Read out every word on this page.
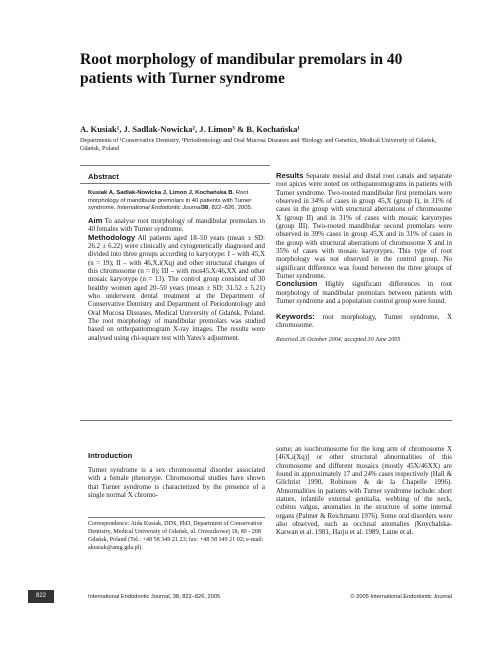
Root morphology of mandibular premolars in 40 patients with Turner syndrome
A. Kusiak¹, J. Sadlak-Nowicka², J. Limon³ & B. Kochańska¹
Departments of ¹Conservative Dentistry, ²Periodontology and Oral Mucosa Diseases and ³Biology and Genetics, Medical University of Gdańsk, Gdańsk, Poland
Abstract
Kusiak A, Sadlak-Nowicka J, Limon J, Kochańska B. Root morphology of mandibular premolars in 40 patients with Turner syndrome. International Endodontic Journal38, 822–826, 2005.

Aim To analyse root morphology of mandibular premolars in 40 females with Turner syndrome.

Methodology All patients aged 18–50 years (mean ± SD: 26.2 ± 6.22) were clinically and cytogenetically diagnosed and divided into three groups according to karyotype: I – with 45,X (n = 19); II – with 46,X,i(Xq) and other structural changes of this chromosome (n = 8); III – with mos45,X/46,XX and other mosaic karyotype (n = 13). The control group consisted of 30 healthy women aged 20–50 years (mean ± SD: 31.52 ± 5.21) who underwent dental treatment at the Department of Conservative Dentistry and Department of Periodontology and Oral Mucosa Diseases, Medical University of Gdańsk, Poland. The root morphology of mandibular premolars was studied based on orthopantomogram X-ray images. The results were analysed using chi-square test with Yates's adjustment.

Results Separate mesial and distal root canals and separate root apices were noted on orthopantomograms in patients with Turner syndrome. Two-rooted mandibular first premolars were observed in 34% of cases in group 45,X (group I), in 31% of cases in the group with structural aberrations of chromosome X (group II) and in 31% of cases with mosaic karyotypes (group III). Two-rooted mandibular second premolars were observed in 39% cases in group 45,X and in 31% of cases in the group with structural aberrations of chromosome X and in 35% of cases with mosaic karyotypes. This type of root morphology was not observed in the control group. No significant difference was found between the three groups of Turner syndrome.

Conclusion Highly significant differences in root morphology of mandibular premolars between patients with Turner syndrome and a population control group were found.

Keywords: root morphology, Turner syndrome, X chromosome.

Received 26 October 2004; accepted 30 June 2005

Introduction
Turner syndrome is a sex chromosomal disorder associated with a female phenotype. Chromosomal studies have shown that Turner syndrome is characterized by the presence of a single normal X chromo-
some; an isochromosome for the long arm of chromosome X [46X,i(Xq)] or other structural abnormalities of this chromosome and different mosaics (mostly 45X/46XX) are found in approximately 17 and 24% cases respectively (Hall & Gilchrist 1990, Robinson & de la Chapelle 1996). Abnormalities in patients with Turner syndrome include: short stature, infantile external genitalia, webbing of the neck, cubitus valgus, anomalies in the structure of some internal organs (Palmer & Reichmann 1976). Some oral disorders were also observed, such as occlusal anomalies (Knychalska-Karwan et al. 1981, Harju et al. 1989, Laine et al.
Correspondence: Aida Kusiak, DDS, PhD, Department of Conservative Dentistry, Medical University of Gdańsk, ul. Orzeszkowej 18, 80 - 208 Gdańsk, Poland (Tel.: +48 58 349 21 23; fax: +48 58 349 21 02; e-mail: akusiak@amg.gda.pl).
822	International Endodontic Journal, 38, 822–826, 2005	© 2005 International Endodontic Journal
